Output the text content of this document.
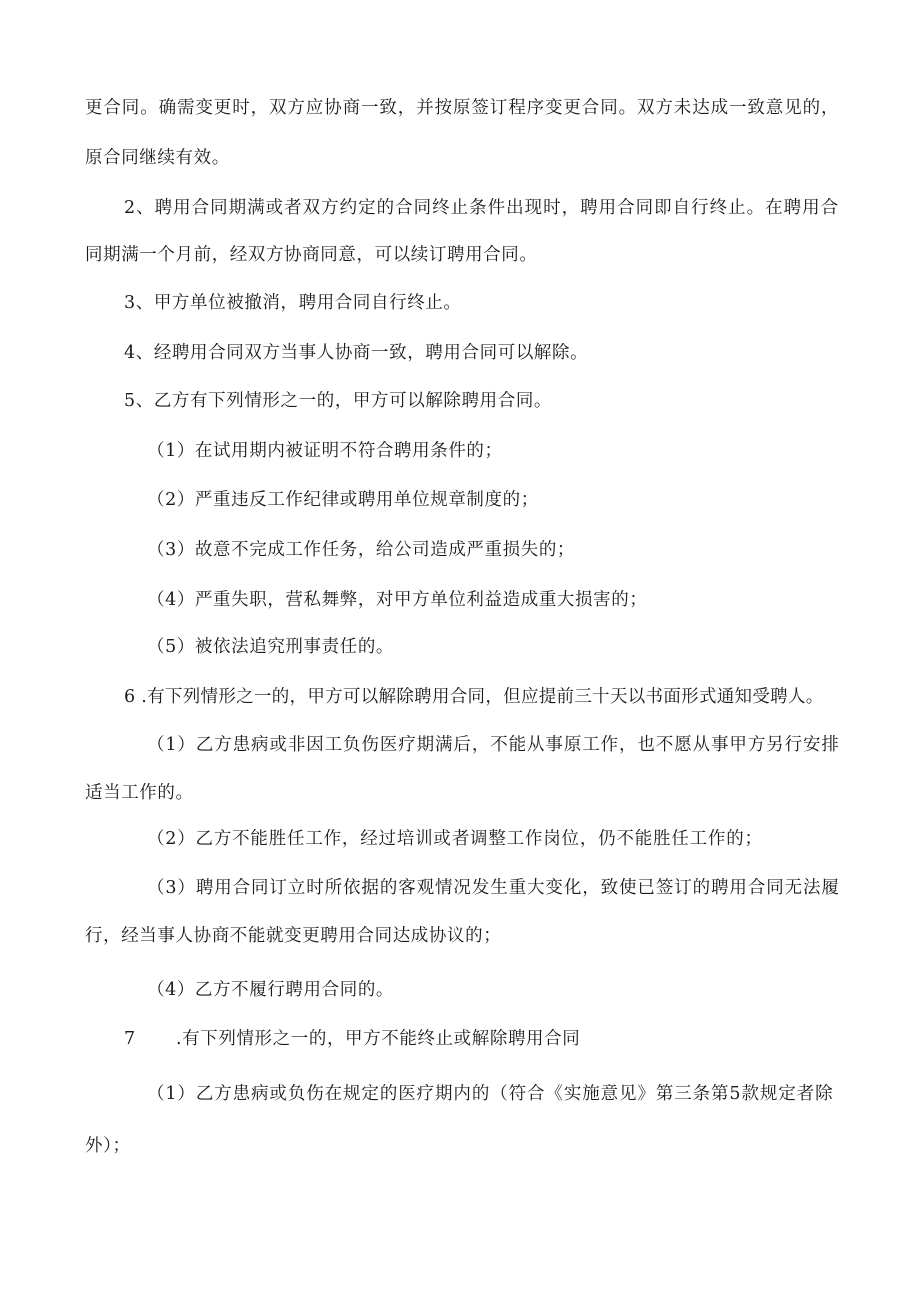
更合同。确需变更时，双方应协商一致，并按原签订程序变更合同。双方未达成一致意见的，
原合同继续有效。
2、聘用合同期满或者双方约定的合同终止条件出现时，聘用合同即自行终止。在聘用合
同期满一个月前，经双方协商同意，可以续订聘用合同。
3、甲方单位被撤消，聘用合同自行终止。
4、经聘用合同双方当事人协商一致，聘用合同可以解除。
5、乙方有下列情形之一的，甲方可以解除聘用合同。
（1）在试用期内被证明不符合聘用条件的；
（2）严重违反工作纪律或聘用单位规章制度的；
（3）故意不完成工作任务，给公司造成严重损失的；
（4）严重失职，营私舞弊，对甲方单位利益造成重大损害的；
（5）被依法追究刑事责任的。
6 .有下列情形之一的，甲方可以解除聘用合同，但应提前三十天以书面形式通知受聘人。
（1）乙方患病或非因工负伤医疗期满后，不能从事原工作，也不愿从事甲方另行安排
适当工作的。
（2）乙方不能胜任工作，经过培训或者调整工作岗位，仍不能胜任工作的；
（3）聘用合同订立时所依据的客观情况发生重大变化，致使已签订的聘用合同无法履
行，经当事人协商不能就变更聘用合同达成协议的；
（4）乙方不履行聘用合同的。
7 .有下列情形之一的，甲方不能终止或解除聘用合同
（1）乙方患病或负伤在规定的医疗期内的（符合《实施意见》第三条第5款规定者除
外）；
